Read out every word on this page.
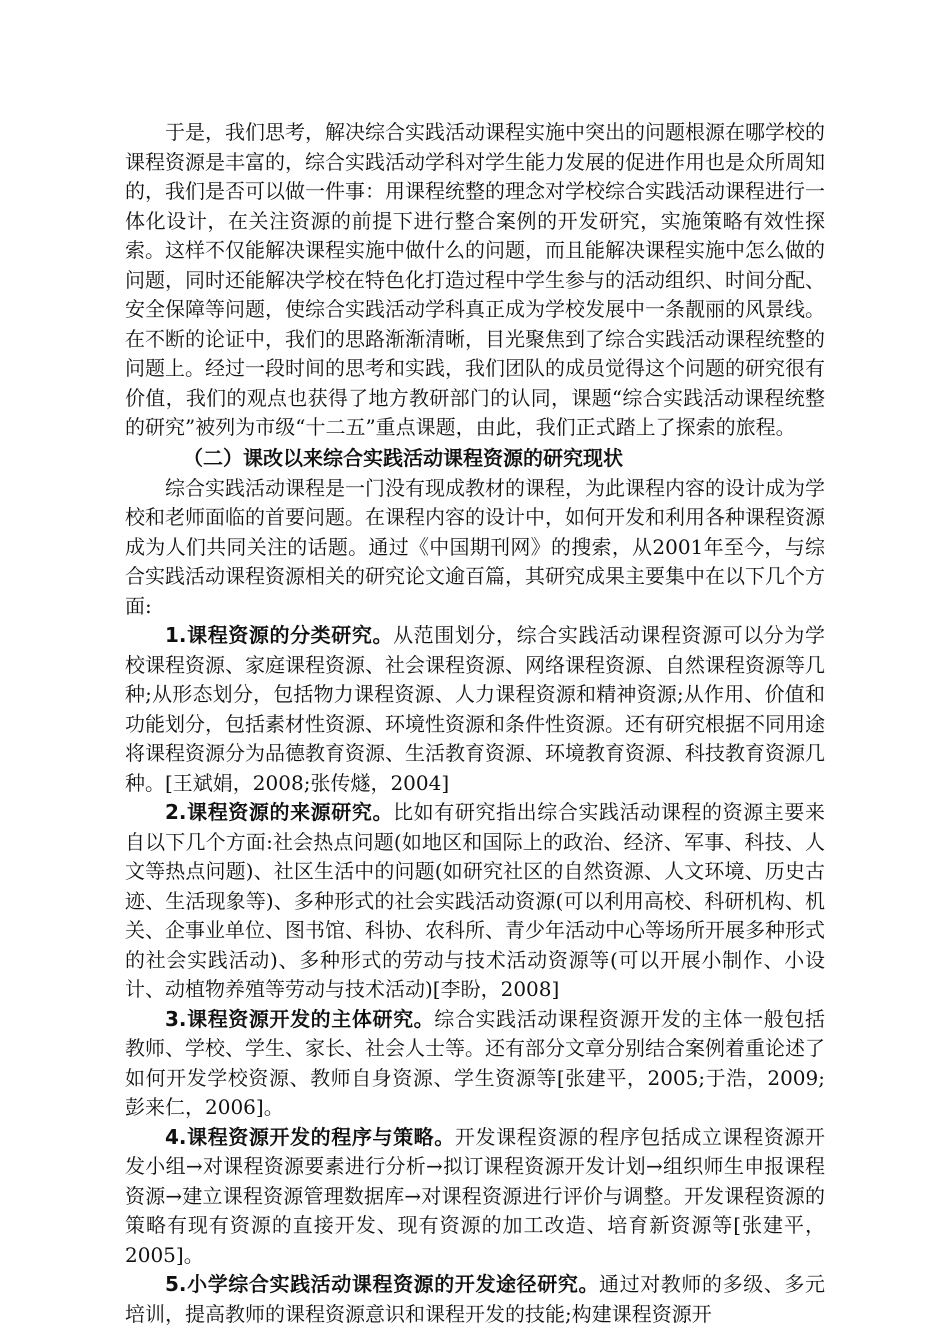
于是，我们思考，解决综合实践活动课程实施中突出的问题根源在哪学校的课程资源是丰富的，综合实践活动学科对学生能力发展的促进作用也是众所周知的，我们是否可以做一件事：用课程统整的理念对学校综合实践活动课程进行一体化设计，在关注资源的前提下进行整合案例的开发研究，实施策略有效性探索。这样不仅能解决课程实施中做什么的问题，而且能解决课程实施中怎么做的问题，同时还能解决学校在特色化打造过程中学生参与的活动组织、时间分配、安全保障等问题，使综合实践活动学科真正成为学校发展中一条靓丽的风景线。在不断的论证中，我们的思路渐渐清晰，目光聚焦到了综合实践活动课程统整的问题上。经过一段时间的思考和实践，我们团队的成员觉得这个问题的研究很有价值，我们的观点也获得了地方教研部门的认同，课题“综合实践活动课程统整的研究”被列为市级“十二五”重点课题，由此，我们正式踏上了探索的旅程。

（二）课改以来综合实践活动课程资源的研究现状

综合实践活动课程是一门没有现成教材的课程，为此课程内容的设计成为学校和老师面临的首要问题。在课程内容的设计中，如何开发和利用各种课程资源成为人们共同关注的话题。通过《中国期刊网》的搜索，从2001年至今，与综合实践活动课程资源相关的研究论文逾百篇，其研究成果主要集中在以下几个方面:

1.课程资源的分类研究。从范围划分，综合实践活动课程资源可以分为学校课程资源、家庭课程资源、社会课程资源、网络课程资源、自然课程资源等几种;从形态划分，包括物力课程资源、人力课程资源和精神资源;从作用、价值和功能划分，包括素材性资源、环境性资源和条件性资源。还有研究根据不同用途将课程资源分为品德教育资源、生活教育资源、环境教育资源、科技教育资源几种。[王斌娟，2008;张传燧，2004]

2.课程资源的来源研究。比如有研究指出综合实践活动课程的资源主要来自以下几个方面:社会热点问题(如地区和国际上的政治、经济、军事、科技、人文等热点问题)、社区生活中的问题(如研究社区的自然资源、人文环境、历史古迹、生活现象等)、多种形式的社会实践活动资源(可以利用高校、科研机构、机关、企事业单位、图书馆、科协、农科所、青少年活动中心等场所开展多种形式的社会实践活动)、多种形式的劳动与技术活动资源等(可以开展小制作、小设计、动植物养殖等劳动与技术活动)[李盼，2008]

3.课程资源开发的主体研究。综合实践活动课程资源开发的主体一般包括教师、学校、学生、家长、社会人士等。还有部分文章分别结合案例着重论述了如何开发学校资源、教师自身资源、学生资源等[张建平，2005;于浩，2009;彭来仁，2006]。

4.课程资源开发的程序与策略。开发课程资源的程序包括成立课程资源开发小组→对课程资源要素进行分析→拟订课程资源开发计划→组织师生申报课程资源→建立课程资源管理数据库→对课程资源进行评价与调整。开发课程资源的策略有现有资源的直接开发、现有资源的加工改造、培育新资源等[张建平，2005]。

5.小学综合实践活动课程资源的开发途径研究。通过对教师的多级、多元培训，提高教师的课程资源意识和课程开发的技能;构建课程资源开
